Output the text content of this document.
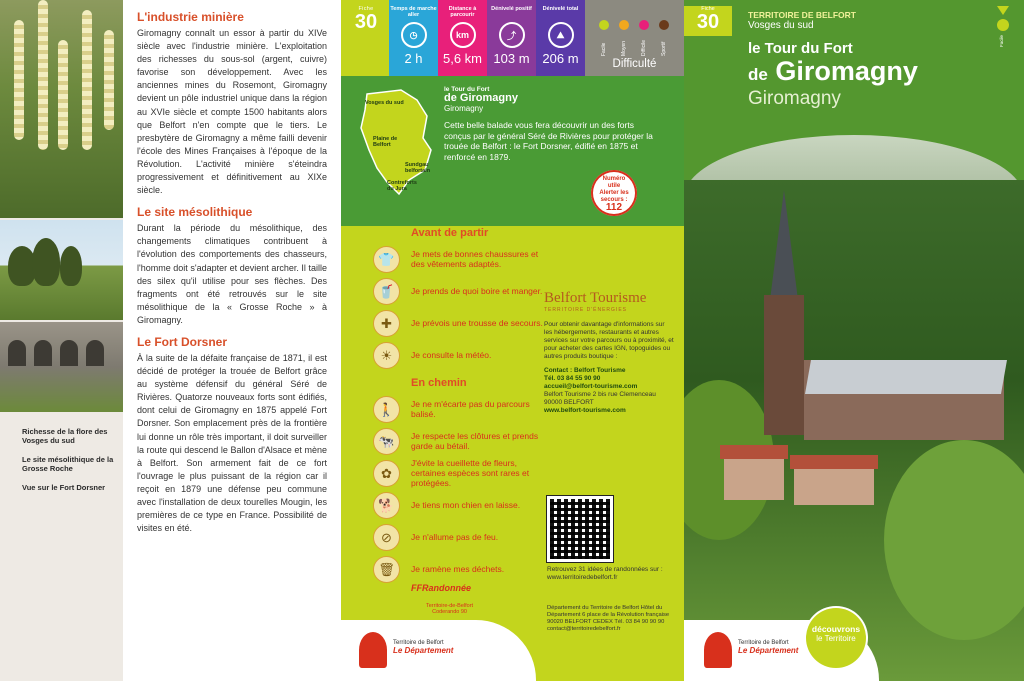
Richesse de la flore des Vosges du sud
Le site mésolithique de la Grosse Roche
Vue sur le Fort Dorsner
L'industrie minière

Giromagny connaît un essor à partir du XIVe siècle avec l'industrie minière. L'exploitation des richesses du sous-sol (argent, cuivre) favorise son développement. Avec les anciennes mines du Rosemont, Giromagny devient un pôle industriel unique dans la région au XVIe siècle et compte 1500 habitants alors que Belfort n'en compte que le tiers. Le presbytère de Giromagny a même failli devenir l'école des Mines Françaises à l'époque de la Révolution. L'activité minière s'éteindra progressivement et définitivement au XIXe siècle.

Le site mésolithique

Durant la période du mésolithique, des changements climatiques contribuent à l'évolution des comportements des chasseurs, l'homme doit s'adapter et devient archer. Il taille des silex qu'il utilise pour ses flèches. Des fragments ont été retrouvés sur le site mésolithique de la « Grosse Roche » à Giromagny.

Le Fort Dorsner

À la suite de la défaite française de 1871, il est décidé de protéger la trouée de Belfort grâce au système défensif du général Séré de Rivières. Quatorze nouveaux forts sont édifiés, dont celui de Giromagny en 1875 appelé Fort Dorsner. Son emplacement près de la frontière lui donne un rôle très important, il doit surveiller la route qui descend le Ballon d'Alsace et mène à Belfort. Son armement fait de ce fort l'ouvrage le plus puissant de la région car il reçoit en 1879 une défense peu commune avec l'installation de deux tourelles Mougin, les premières de ce type en France. Possibilité de visites en été.

Fiche
30
Temps de marche aller
◷
2 h
Distance à parcourir
km
5,6 km
Dénivelé positif
⤴
103 m
Dénivelé total
⛰
206 m
Facile	Moyen	Difficile	Sportif
Difficulté
Vosges du sud
Plaine de Belfort
Sundgau belfortain
Contreforts du Jura
le Tour du Fort
de Giromagny
Giromagny
Cette belle balade vous fera découvrir un des forts conçus par le général Séré de Rivières pour protéger la trouée de Belfort : le Fort Dorsner, édifié en 1875 et renforcé en 1879.
Numéro
utile
Alerter les secours :
112
Avant de partir
👕	Je mets de bonnes chaussures et des vêtements adaptés.
🥤	Je prends de quoi boire et manger.
✚	Je prévois une trousse de secours.
☀	Je consulte la météo.
En chemin
🚶	Je ne m'écarte pas du parcours balisé.
🐄	Je respecte les clôtures et prends garde au bétail.
✿
J'évite la cueillette de fleurs, certaines espèces sont rares et protégées.
🐕	Je tiens mon chien en laisse.
⊘	Je n'allume pas de feu.
🗑	Je ramène mes déchets.
FFRandonnée
Territoire-de-Belfort
Coderando 90
Belfort Tourisme
TERRITOIRE D'ÉNERGIES
Pour obtenir davantage d'informations sur les hébergements, restaurants et autres services sur votre parcours ou à proximité, et pour acheter des cartes IGN, topoguides ou autres produits boutique :
Contact : Belfort Tourisme
Tél. 03 84 55 90 90
accueil@belfort-tourisme.com
Belfort Tourisme 2 bis rue Clemenceau 90000 BELFORT
www.belfort-tourisme.com
Retrouvez 31 idées de randonnées sur : www.territoiredebelfort.fr
Département du Territoire de Belfort Hôtel du Département 6 place de la Révolution française 90020 BELFORT CEDEX Tél. 03 84 90 90 90 contact@territoiredebelfort.fr
Territoire de Belfort
Le Département
Fiche
30	TERRITOIRE DE BELFORT
Vosges du sud
le Tour du Fort
de Giromagny
Giromagny
Facile
Territoire de Belfort
Le Département
découvrons
le Territoire
